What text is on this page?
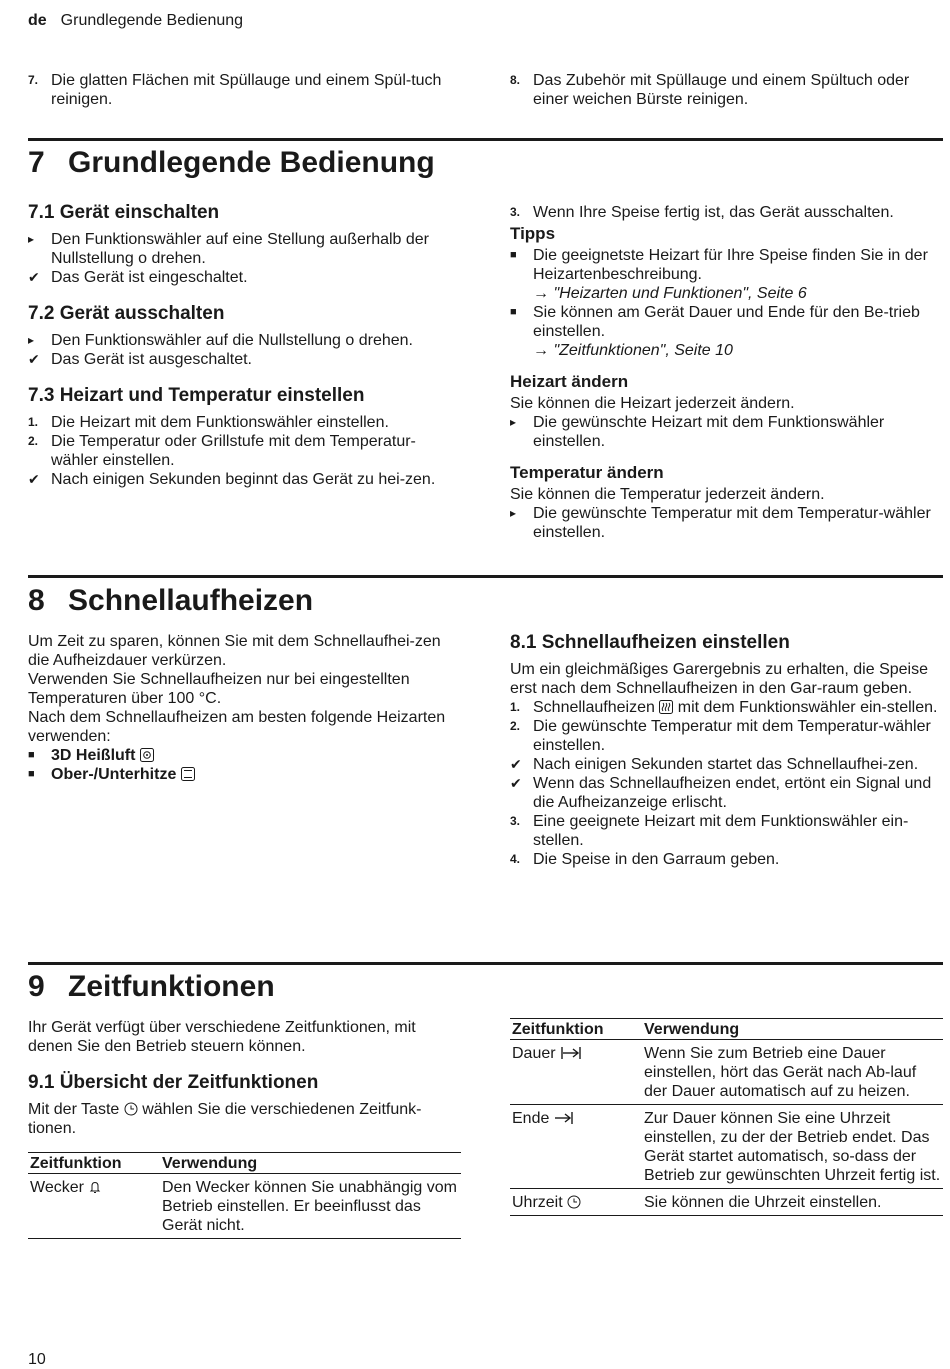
de Grundlegende Bedienung
7. Die glatten Flächen mit Spüllauge und einem Spül-tuch reinigen.
8. Das Zubehör mit Spüllauge und einem Spültuch oder einer weichen Bürste reinigen.
7 Grundlegende Bedienung
7.1 Gerät einschalten
▸	Den Funktionswähler auf eine Stellung außerhalb der Nullstellung o drehen.
✔ Das Gerät ist eingeschaltet.
7.2 Gerät ausschalten
▸	Den Funktionswähler auf die Nullstellung o drehen.
✔ Das Gerät ist ausgeschaltet.
7.3 Heizart und Temperatur einstellen
1. Die Heizart mit dem Funktionswähler einstellen.
2. Die Temperatur oder Grillstufe mit dem Temperatur-wähler einstellen.
✔ Nach einigen Sekunden beginnt das Gerät zu hei-zen.
3. Wenn Ihre Speise fertig ist, das Gerät ausschalten.
Tipps
■	Die geeignetste Heizart für Ihre Speise finden Sie in der Heizartenbeschreibung.
→ "Heizarten und Funktionen", Seite 6
■	Sie können am Gerät Dauer und Ende für den Be-trieb einstellen.
→ "Zeitfunktionen", Seite 10
Heizart ändern

Sie können die Heizart jederzeit ändern.

▸	Die gewünschte Heizart mit dem Funktionswähler einstellen.
Temperatur ändern

Sie können die Temperatur jederzeit ändern.

▸	Die gewünschte Temperatur mit dem Temperatur-wähler einstellen.
8 Schnellaufheizen

Um Zeit zu sparen, können Sie mit dem Schnellaufhei-zen die Aufheizdauer verkürzen.

Verwenden Sie Schnellaufheizen nur bei eingestellten Temperaturen über 100 °C.

Nach dem Schnellaufheizen am besten folgende Heizarten verwenden:

■	3D Heißluft
■	Ober-/Unterhitze
8.1 Schnellaufheizen einstellen

Um ein gleichmäßiges Garergebnis zu erhalten, die Speise erst nach dem Schnellaufheizen in den Gar-raum geben.

1. Schnellaufheizen mit dem Funktionswähler ein-stellen.
2. Die gewünschte Temperatur mit dem Temperatur-wähler einstellen.
✔ Nach einigen Sekunden startet das Schnellaufhei-zen.
✔ Wenn das Schnellaufheizen endet, ertönt ein Signal und die Aufheizanzeige erlischt.
3. Eine geeignete Heizart mit dem Funktionswähler ein-stellen.
4. Die Speise in den Garraum geben.
9 Zeitfunktionen

Ihr Gerät verfügt über verschiedene Zeitfunktionen, mit denen Sie den Betrieb steuern können.

9.1 Übersicht der Zeitfunktionen

Mit der Taste wählen Sie die verschiedenen Zeitfunk-tionen.

Zeitfunktion	Verwendung
Wecker	Den Wecker können Sie unabhängig vom Betrieb einstellen. Er beeinflusst das Gerät nicht.
Zeitfunktion	Verwendung
Dauer	Wenn Sie zum Betrieb eine Dauer einstellen, hört das Gerät nach Ab-lauf der Dauer automatisch auf zu heizen.
Ende	Zur Dauer können Sie eine Uhrzeit einstellen, zu der der Betrieb endet. Das Gerät startet automatisch, so-dass der Betrieb zur gewünschten Uhrzeit fertig ist.
Uhrzeit	Sie können die Uhrzeit einstellen.
10
